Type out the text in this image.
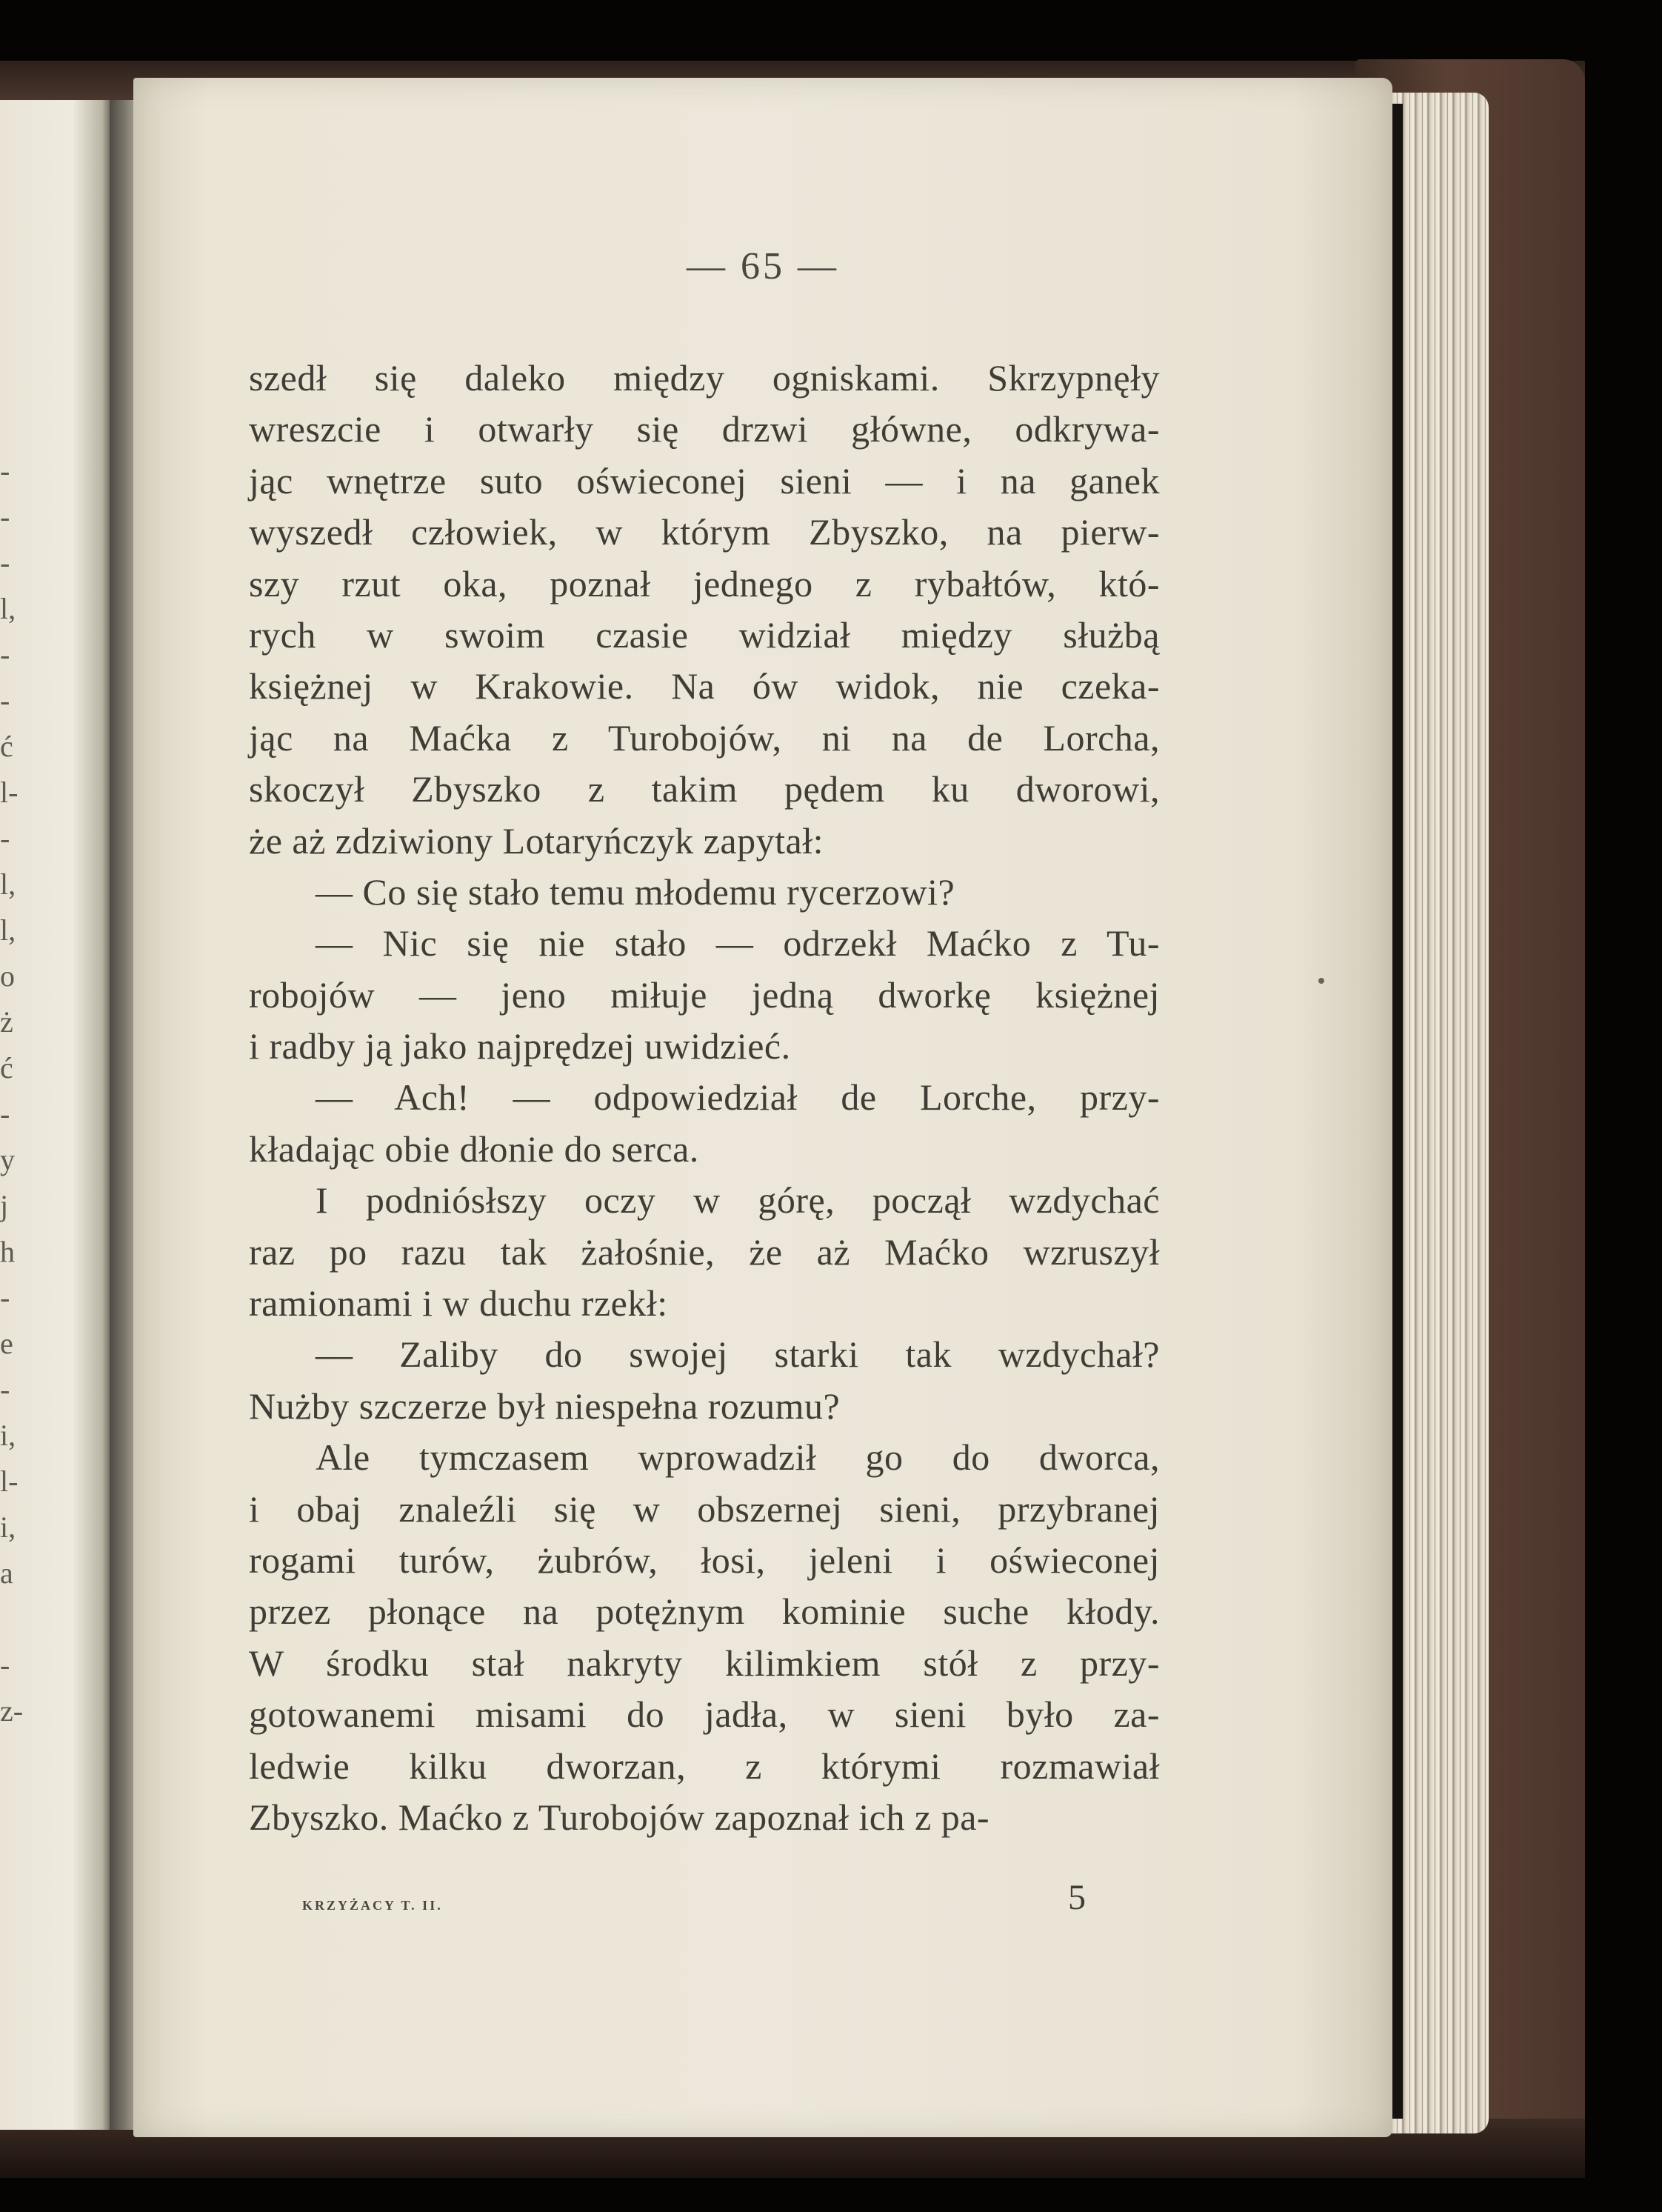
-
-
-
l,
-
-
ć
l-
-
l,
l,
o
ż
ć
-
y
j
h
-
e
-
i,
l-
i,
a
-
z-
— 65 —
szedł się daleko między ogniskami. Skrzypnęły
wreszcie i otwarły się drzwi główne, odkrywa-
jąc wnętrze suto oświeconej sieni — i na ganek
wyszedł człowiek, w którym Zbyszko, na pierw-
szy rzut oka, poznał jednego z rybałtów, któ-
rych w swoim czasie widział między służbą
księżnej w Krakowie. Na ów widok, nie czeka-
jąc na Maćka z Turobojów, ni na de Lorcha,
skoczył Zbyszko z takim pędem ku dworowi,
że aż zdziwiony Lotaryńczyk zapytał:
— Co się stało temu młodemu rycerzowi?
— Nic się nie stało — odrzekł Maćko z Tu-
robojów — jeno miłuje jedną dworkę księżnej
i radby ją jako najprędzej uwidzieć.
— Ach! — odpowiedział de Lorche, przy-
kładając obie dłonie do serca.
I podniósłszy oczy w górę, począł wzdychać
raz po razu tak żałośnie, że aż Maćko wzruszył
ramionami i w duchu rzekł:
— Zaliby do swojej starki tak wzdychał?
Nużby szczerze był niespełna rozumu?
Ale tymczasem wprowadził go do dworca,
i obaj znaleźli się w obszernej sieni, przybranej
rogami turów, żubrów, łosi, jeleni i oświeconej
przez płonące na potężnym kominie suche kłody.
W środku stał nakryty kilimkiem stół z przy-
gotowanemi misami do jadła, w sieni było za-
ledwie kilku dworzan, z którymi rozmawiał
Zbyszko. Maćko z Turobojów zapoznał ich z pa-
KRZYŻACY T. II.	5
